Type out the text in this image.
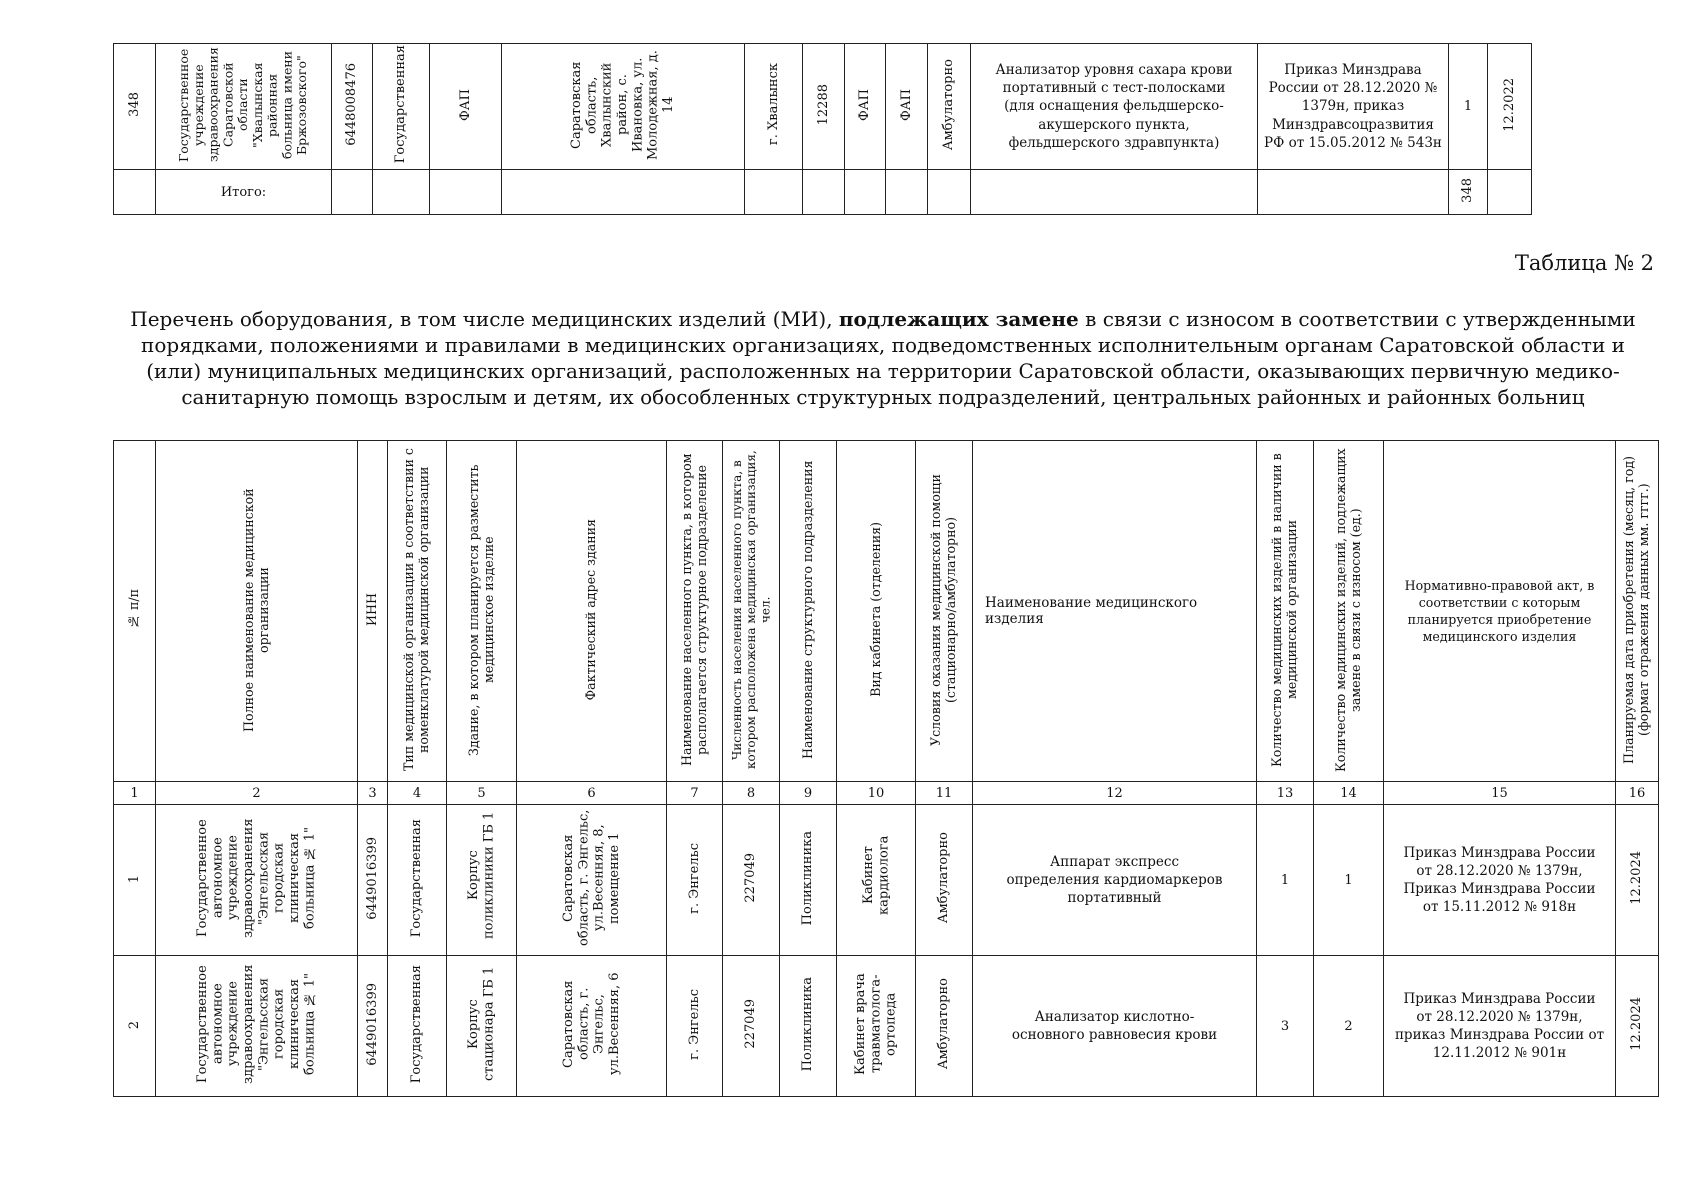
348	Государственное учреждение здравоохранения Саратовской области "Хвалынская районная больница имени Бржозовского"	6448008476	Государственная	ФАП	Саратовская область, Хвалынский район, с. Ивановка, ул. Молодежная, д. 14	г. Хвалынск	12288	ФАП	ФАП	Амбулаторно	Анализатор уровня сахара крови портативный с тест-полосками (для оснащения фельдшерско-акушерского пункта, фельдшерского здравпункта)	Приказ Минздрава России от 28.12.2020 № 1379н, приказ Минздравсоцразвития РФ от 15.05.2012 № 543н	1	12.2022
	Итого:												348	
Таблица № 2
Перечень оборудования, в том числе медицинских изделий (МИ), подлежащих замене в связи с износом в соответствии с утвержденными порядками, положениями и правилами в медицинских организациях, подведомственных исполнительным органам Саратовской области и (или) муниципальных медицинских организаций, расположенных на территории Саратовской области, оказывающих первичную медико-санитарную помощь взрослым и детям, их обособленных структурных подразделений, центральных районных и районных больниц
№ п/п	Полное наименование медицинской организации	ИНН	Тип медицинской организации в соответствии с номенклатурой медицинской организации	Здание, в котором планируется разместить медицинское изделие	Фактический адрес здания	Наименование населенного пункта, в котором располагается структурное подразделение	Численность населения населенного пункта, в котором расположена медицинская организация, чел.	Наименование структурного подразделения	Вид кабинета (отделения)	Условия оказания медицинской помощи (стационарно/амбулаторно)	Наименование медицинского изделия	Количество медицинских изделий в наличии в медицинской организации	Количество медицинских изделий, подлежащих замене в связи с износом (ед.)	Нормативно-правовой акт, в соответствии с которым планируется приобретение медицинского изделия	Планируемая дата приобретения (месяц, год) (формат отражения данных мм. гггг.)
1	2	3	4	5	6	7	8	9	10	11	12	13	14	15	16
1	Государственное автономное учреждение здравоохранения "Энгельсская городская клиническая больница № 1"	6449016399	Государственная	Корпус поликлиники ГБ 1	Саратовская область, г. Энгельс, ул.Весенняя, 8, помещение 1	г. Энгельс	227049	Поликлиника	Кабинет кардиолога	Амбулаторно	Аппарат экспресс определения кардиомаркеров портативный	1	1	Приказ Минздрава России от 28.12.2020 № 1379н, Приказ Минздрава России от 15.11.2012 № 918н	12.2024
2	Государственное автономное учреждение здравоохранения "Энгельсская городская клиническая больница № 1"	6449016399	Государственная	Корпус стационара ГБ 1	Саратовская область, г. Энгельс, ул.Весенняя, 6	г. Энгельс	227049	Поликлиника	Кабинет врача травматолога-ортопеда	Амбулаторно	Анализатор кислотно-основного равновесия крови	3	2	Приказ Минздрава России от 28.12.2020 № 1379н, приказ Минздрава России от 12.11.2012 № 901н	12.2024
